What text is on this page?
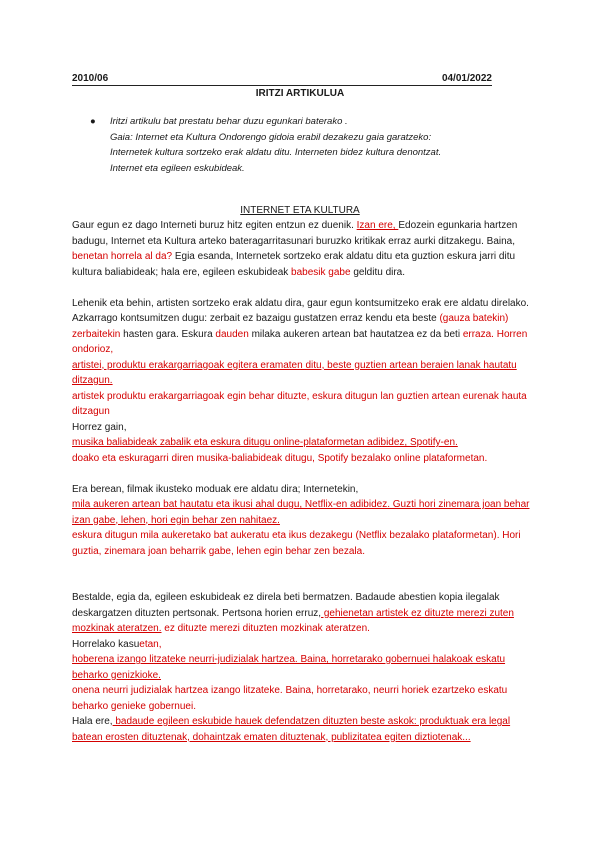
2010/06	04/01/2022
IRITZI ARTIKULUA
● Iritzi artikulu bat prestatu behar duzu egunkari baterako .
Gaia: Internet eta Kultura Ondorengo gidoia erabil dezakezu gaia garatzeko:
Internetek kultura sortzeko erak aldatu ditu. Interneten bidez kultura denontzat.
Internet eta egileen eskubideak.
INTERNET ETA KULTURA

Gaur egun ez dago Interneti buruz hitz egiten entzun ez duenik. Izan ere, Edozein egunkaria hartzen badugu, Internet eta Kultura arteko bateragarritasunari buruzko kritikak erraz aurki ditzakegu. Baina, benetan horrela al da? Egia esanda, Internetek sortzeko erak aldatu ditu eta guztion eskura jarri ditu kultura baliabideak; hala ere, egileen eskubideak babesik gabe gelditu dira.

Lehenik eta behin, artisten sortzeko erak aldatu dira, gaur egun kontsumitzeko erak ere aldatu direlako. Azkarrago kontsumitzen dugu: zerbait ez bazaigu gustatzen erraz kendu eta beste (gauza batekin) zerbaitekin hasten gara. Eskura dauden milaka aukeren artean bat hautatzea ez da beti erraza. Horren ondorioz,

artistei, produktu erakargarriagoak egitera eramaten ditu, beste guztien artean beraien lanak hautatu ditzagun.

artistek produktu erakargarriagoak egin behar dituzte, eskura ditugun lan guztien artean eurenak hauta ditzagun

Horrez gain,

musika baliabideak zabalik eta eskura ditugu online-plataformetan adibidez, Spotify-en.

doako eta eskuragarri diren musika-baliabideak ditugu, Spotify bezalako online plataformetan.

Era berean, filmak ikusteko moduak ere aldatu dira; Internetekin,

mila aukeren artean bat hautatu eta ikusi ahal dugu, Netflix-en adibidez. Guzti hori zinemara joan behar izan gabe, lehen, hori egin behar zen nahitaez.

eskura ditugun mila aukeretako bat aukeratu eta ikus dezakegu (Netflix bezalako plataformetan). Hori guztia, zinemara joan beharrik gabe, lehen egin behar zen bezala.

Bestalde, egia da, egileen eskubideak ez direla beti bermatzen. Badaude abestien kopia ilegalak deskargatzen dituzten pertsonak. Pertsona horien erruz, gehienetan artistek ez dituzte merezi zuten mozkinak ateratzen. ez dituzte merezi dituzten mozkinak ateratzen.

Horrelako kasuetan,

hoberena izango litzateke neurri-judizialak hartzea. Baina, horretarako gobernuei halakoak eskatu beharko genizkioke.

onena neurri judizialak hartzea izango litzateke. Baina, horretarako, neurri horiek ezartzeko eskatu beharko genieke gobernuei.

Hala ere, badaude egileen eskubide hauek defendatzen dituzten beste askok: produktuak era legal batean erosten dituztenak, dohaintzak ematen dituztenak, publizitatea egiten diztiotenak...
